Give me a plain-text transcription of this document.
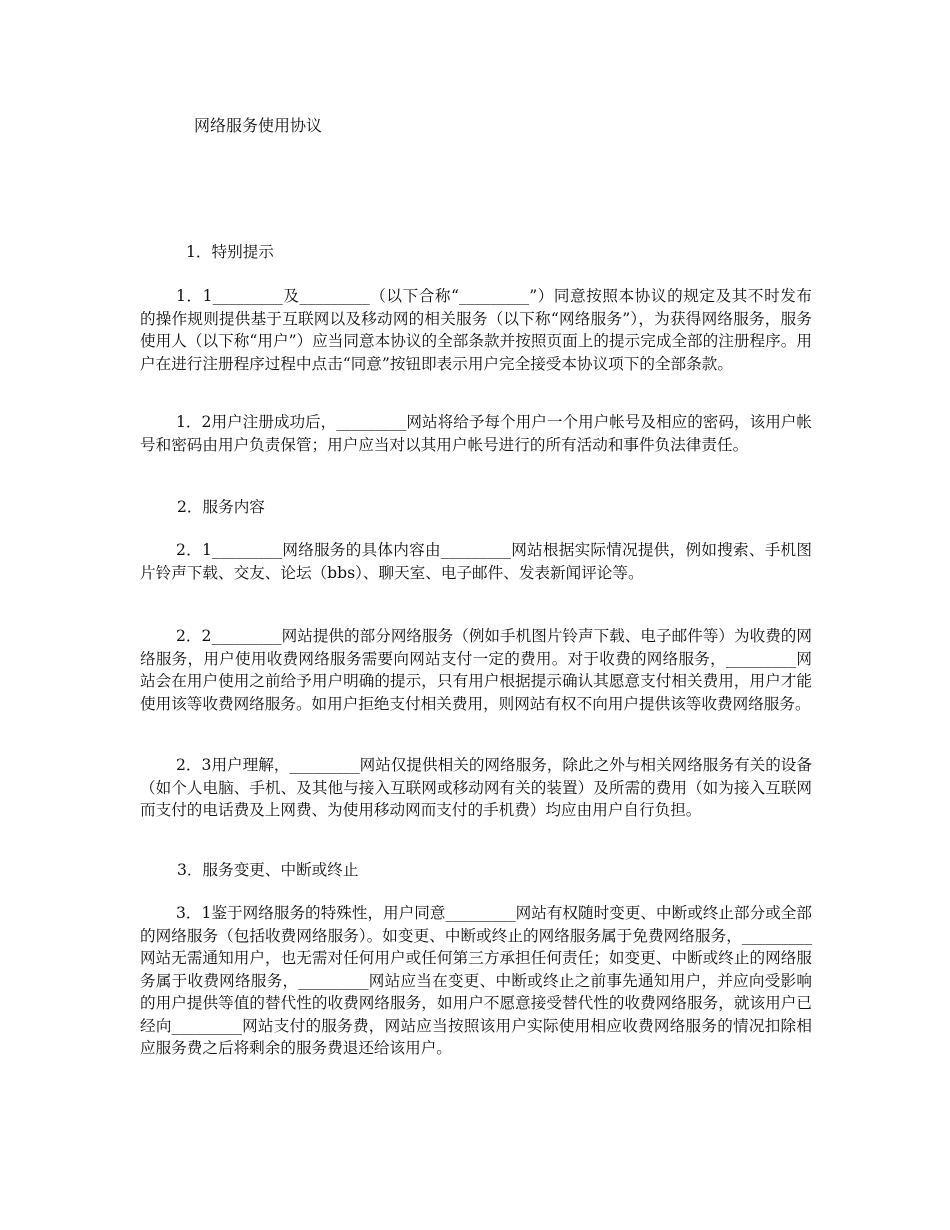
网络服务使用协议
1．特别提示

1．1_________及_________（以下合称“_________”）同意按照本协议的规定及其不时发布的操作规则提供基于互联网以及移动网的相关服务（以下称“网络服务”），为获得网络服务，服务使用人（以下称“用户”）应当同意本协议的全部条款并按照页面上的提示完成全部的注册程序。用户在进行注册程序过程中点击“同意”按钮即表示用户完全接受本协议项下的全部条款。

1．2用户注册成功后，_________网站将给予每个用户一个用户帐号及相应的密码，该用户帐号和密码由用户负责保管；用户应当对以其用户帐号进行的所有活动和事件负法律责任。

2．服务内容

2．1_________网络服务的具体内容由_________网站根据实际情况提供，例如搜索、手机图片铃声下载、交友、论坛（bbs）、聊天室、电子邮件、发表新闻评论等。

2．2_________网站提供的部分网络服务（例如手机图片铃声下载、电子邮件等）为收费的网络服务，用户使用收费网络服务需要向网站支付一定的费用。对于收费的网络服务，_________网站会在用户使用之前给予用户明确的提示，只有用户根据提示确认其愿意支付相关费用，用户才能使用该等收费网络服务。如用户拒绝支付相关费用，则网站有权不向用户提供该等收费网络服务。

2．3用户理解，_________网站仅提供相关的网络服务，除此之外与相关网络服务有关的设备（如个人电脑、手机、及其他与接入互联网或移动网有关的装置）及所需的费用（如为接入互联网而支付的电话费及上网费、为使用移动网而支付的手机费）均应由用户自行负担。

3．服务变更、中断或终止

3．1鉴于网络服务的特殊性，用户同意_________网站有权随时变更、中断或终止部分或全部的网络服务（包括收费网络服务）。如变更、中断或终止的网络服务属于免费网络服务，_________网站无需通知用户，也无需对任何用户或任何第三方承担任何责任；如变更、中断或终止的网络服务属于收费网络服务，_________网站应当在变更、中断或终止之前事先通知用户，并应向受影响的用户提供等值的替代性的收费网络服务，如用户不愿意接受替代性的收费网络服务，就该用户已经向_________网站支付的服务费，网站应当按照该用户实际使用相应收费网络服务的情况扣除相应服务费之后将剩余的服务费退还给该用户。
